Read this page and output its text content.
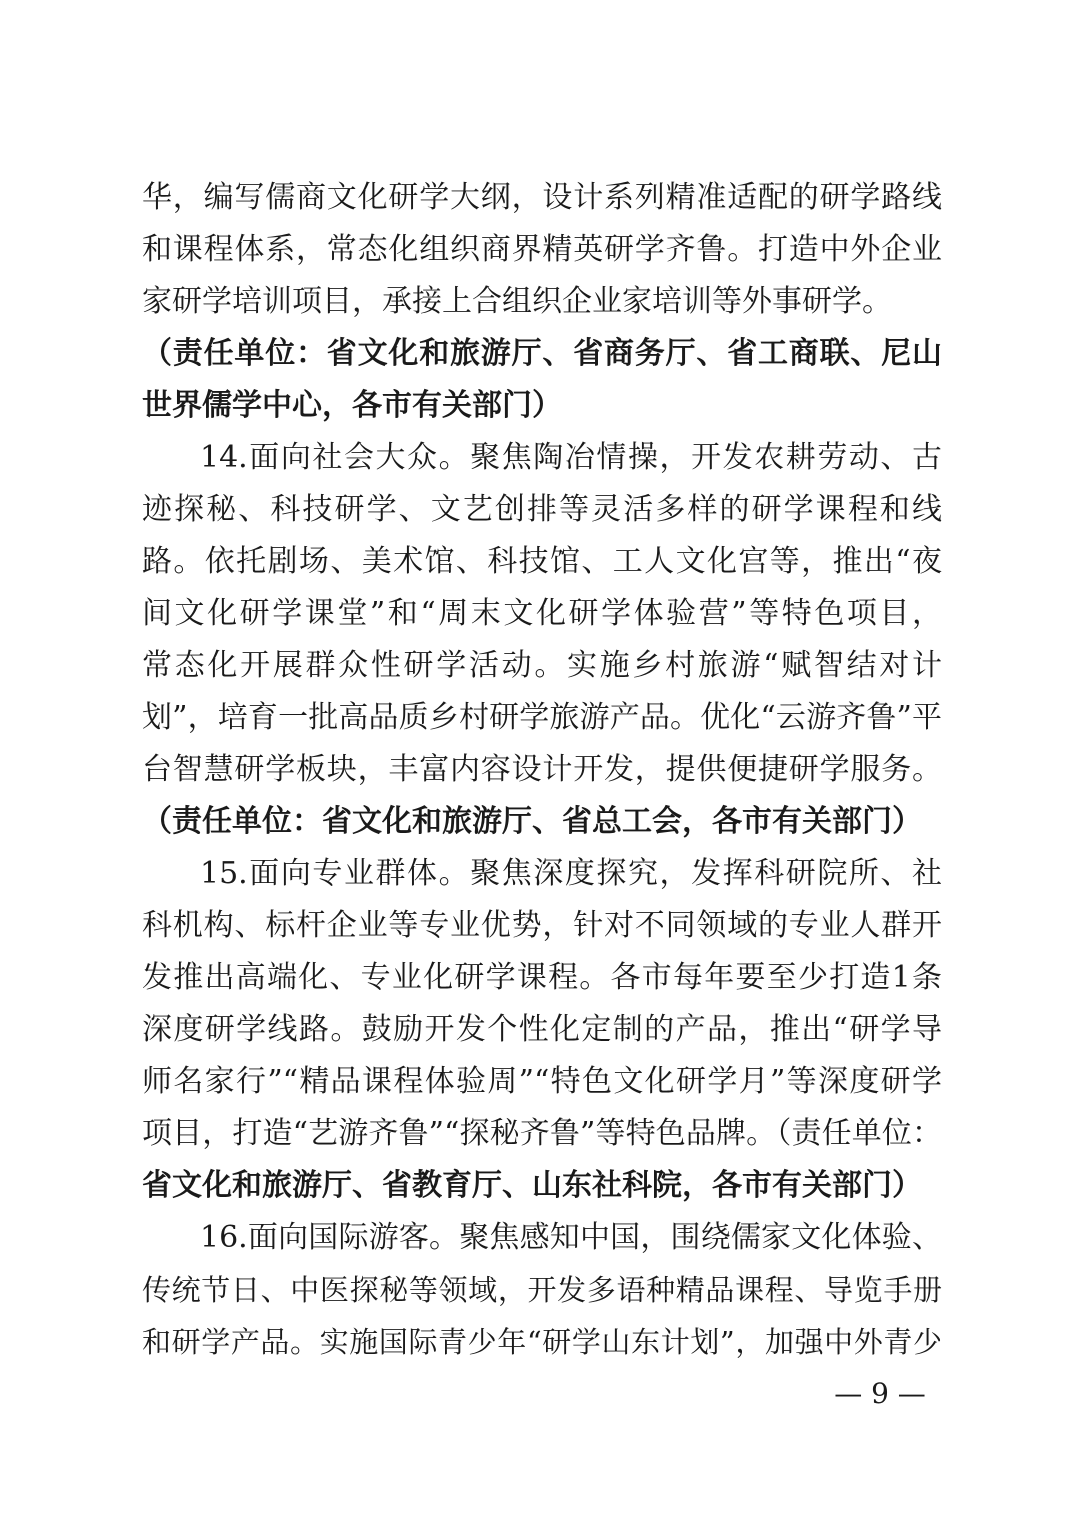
华，编写儒商文化研学大纲，设计系列精准适配的研学路线
和课程体系，常态化组织商界精英研学齐鲁。打造中外企业
家研学培训项目，承接上合组织企业家培训等外事研学。
（责任单位：省文化和旅游厅、省商务厅、省工商联、尼山
世界儒学中心，各市有关部门）
14.面向社会大众。聚焦陶冶情操，开发农耕劳动、古
迹探秘、科技研学、文艺创排等灵活多样的研学课程和线
路。依托剧场、美术馆、科技馆、工人文化宫等，推出“夜
间文化研学课堂”和“周末文化研学体验营”等特色项目，
常态化开展群众性研学活动。实施乡村旅游“赋智结对计
划”，培育一批高品质乡村研学旅游产品。优化“云游齐鲁”平
台智慧研学板块，丰富内容设计开发，提供便捷研学服务。
（责任单位：省文化和旅游厅、省总工会，各市有关部门）
15.面向专业群体。聚焦深度探究，发挥科研院所、社
科机构、标杆企业等专业优势，针对不同领域的专业人群开
发推出高端化、专业化研学课程。各市每年要至少打造1条
深度研学线路。鼓励开发个性化定制的产品，推出“研学导
师名家行”“精品课程体验周”“特色文化研学月”等深度研学
项目，打造“艺游齐鲁”“探秘齐鲁”等特色品牌。（责任单位：
省文化和旅游厅、省教育厅、山东社科院，各市有关部门）
16.面向国际游客。聚焦感知中国，围绕儒家文化体验、
传统节日、中医探秘等领域，开发多语种精品课程、导览手册
和研学产品。实施国际青少年“研学山东计划”，加强中外青少
— 9 —
